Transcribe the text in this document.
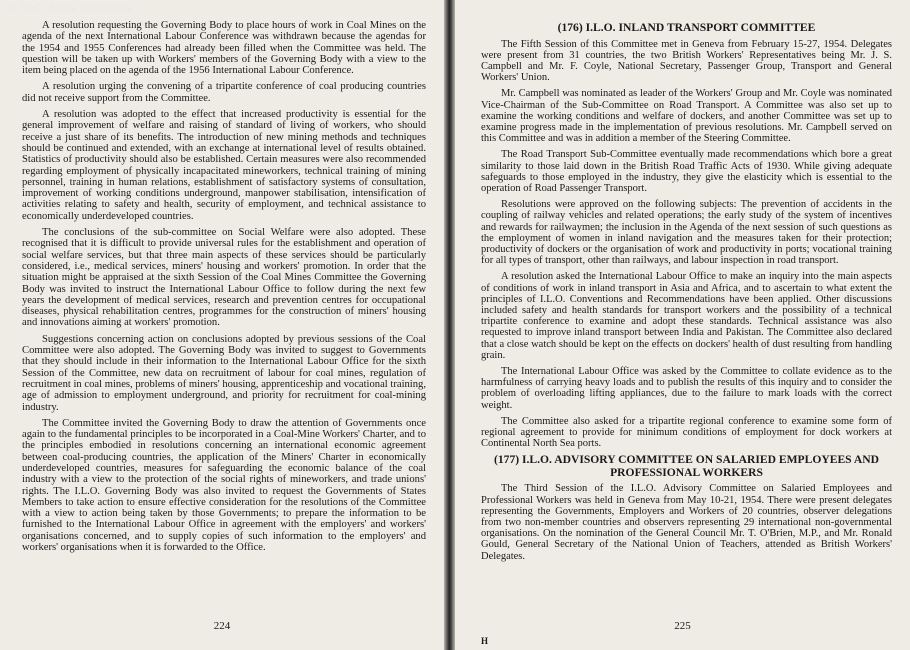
(c) TUC Library Collections

A resolution requesting the Governing Body to place hours of work in Coal Mines on the agenda of the next International Labour Conference was withdrawn because the agendas for the 1954 and 1955 Conferences had already been filled when the Committee was held. The question will be taken up with Workers' members of the Governing Body with a view to the item being placed on the agenda of the 1956 International Labour Conference.

A resolution urging the convening of a tripartite conference of coal producing countries did not receive support from the Committee.

A resolution was adopted to the effect that increased productivity is essential for the general improvement of welfare and raising of standard of living of workers, who should receive a just share of its benefits. The introduction of new mining methods and techniques should be continued and extended, with an exchange at international level of results obtained. Statistics of productivity should also be established. Certain measures were also recommended regarding employment of physically incapacitated mineworkers, technical training of mining personnel, training in human relations, establishment of satisfactory systems of consultation, improvement of working conditions underground, manpower stabilisation, intensification of activities relating to safety and health, security of employment, and technical assistance to economically underdeveloped countries.

The conclusions of the sub-committee on Social Welfare were also adopted. These recognised that it is difficult to provide universal rules for the establishment and operation of social welfare services, but that three main aspects of these services should be particularly considered, i.e., medical services, miners' housing and workers' promotion. In order that the situation might be appraised at the sixth Session of the Coal Mines Committee the Governing Body was invited to instruct the International Labour Office to follow during the next few years the development of medical services, research and prevention centres for occupational diseases, physical rehabilitation centres, programmes for the construction of miners' housing and innovations aiming at workers' promotion.

Suggestions concerning action on conclusions adopted by previous sessions of the Coal Committee were also adopted. The Governing Body was invited to suggest to Governments that they should include in their information to the International Labour Office for the sixth Session of the Committee, new data on recruitment of labour for coal mines, regulation of recruitment in coal mines, problems of miners' housing, apprenticeship and vocational training, age of admission to employment underground, and priority for recruitment for coal-mining industry.

The Committee invited the Governing Body to draw the attention of Governments once again to the fundamental principles to be incorporated in a Coal-Mine Workers' Charter, and to the principles embodied in resolutions concerning an international economic agreement between coal-producing countries, the application of the Miners' Charter in economically underdeveloped countries, measures for safeguarding the economic balance of the coal industry with a view to the protection of the social rights of mineworkers, and trade unions' rights. The I.L.O. Governing Body was also invited to request the Governments of States Members to take action to ensure effective consideration for the resolutions of the Committee with a view to action being taken by those Governments; to prepare the information to be furnished to the International Labour Office in agreement with the employers' and workers' organisations concerned, and to supply copies of such information to the employers' and workers' organisations when it is forwarded to the Office.

224
(176) I.L.O. INLAND TRANSPORT COMMITTEE

The Fifth Session of this Committee met in Geneva from February 15-27, 1954. Delegates were present from 31 countries, the two British Workers' Representatives being Mr. J. S. Campbell and Mr. F. Coyle, National Secretary, Passenger Group, Transport and General Workers' Union.

Mr. Campbell was nominated as leader of the Workers' Group and Mr. Coyle was nominated Vice-Chairman of the Sub-Committee on Road Transport. A Committee was also set up to examine the working conditions and welfare of dockers, and another Committee was set up to examine progress made in the implementation of previous resolutions. Mr. Campbell served on this Committee and was in addition a member of the Steering Committee.

The Road Transport Sub-Committee eventually made recommendations which bore a great similarity to those laid down in the British Road Traffic Acts of 1930. While giving adequate safeguards to those employed in the industry, they give the elasticity which is essential to the operation of Road Passenger Transport.

Resolutions were approved on the following subjects: The prevention of accidents in the coupling of railway vehicles and related operations; the early study of the system of incentives and rewards for railwaymen; the inclusion in the Agenda of the next session of such questions as the employment of women in inland navigation and the measures taken for their protection; productivity of dockers or the organisation of work and productivity in ports; vocational training for all types of transport, other than railways, and labour inspection in road transport.

A resolution asked the International Labour Office to make an inquiry into the main aspects of conditions of work in inland transport in Asia and Africa, and to ascertain to what extent the principles of I.L.O. Conventions and Recommendations have been applied. Other discussions included safety and health standards for transport workers and the possibility of a technical tripartite conference to examine and adopt these standards. Technical assistance was also requested to improve inland transport between India and Pakistan. The Committee also declared that a close watch should be kept on the effects on dockers' health of dust resulting from handling grain.

The International Labour Office was asked by the Committee to collate evidence as to the harmfulness of carrying heavy loads and to publish the results of this inquiry and to consider the problem of overloading lifting appliances, due to the failure to mark loads with the correct weight.

The Committee also asked for a tripartite regional conference to examine some form of regional agreement to provide for minimum conditions of employment for dock workers at Continental North Sea ports.

(177) I.L.O. ADVISORY COMMITTEE ON SALARIED EMPLOYEES AND PROFESSIONAL WORKERS

The Third Session of the I.L.O. Advisory Committee on Salaried Employees and Professional Workers was held in Geneva from May 10-21, 1954. There were present delegates representing the Governments, Employers and Workers of 20 countries, observer delegations from two non-member countries and observers representing 29 international non-governmental organisations. On the nomination of the General Council Mr. T. O'Brien, M.P., and Mr. Ronald Gould, General Secretary of the National Union of Teachers, attended as British Workers' Delegates.

225
H
